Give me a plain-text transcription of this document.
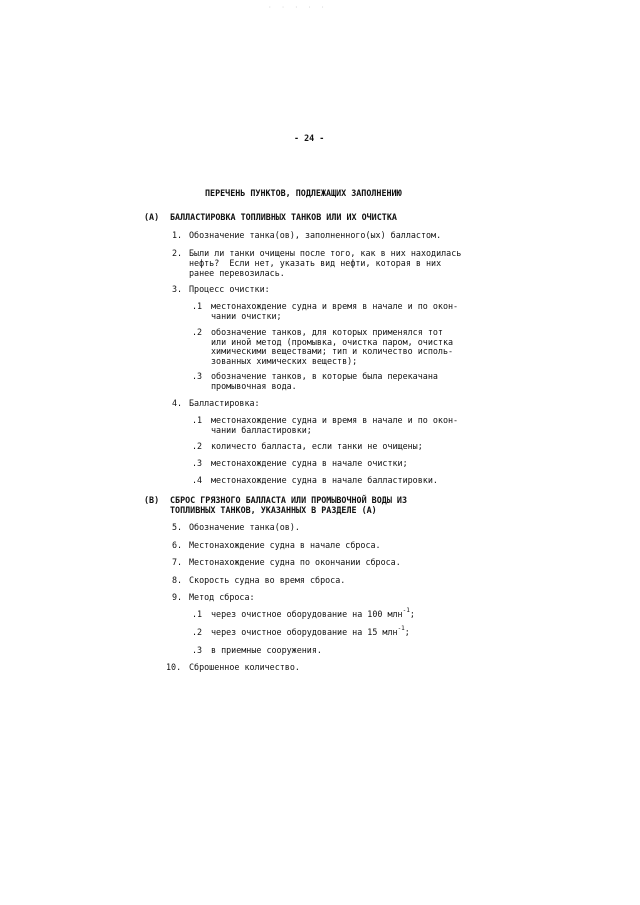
· · · · ·
- 24 -
ПЕРЕЧЕНЬ ПУНКТОВ, ПОДЛЕЖАЩИХ ЗАПОЛНЕНИЮ
(A) БАЛЛАСТИРОВКА ТОПЛИВНЫХ ТАНКОВ ИЛИ ИХ ОЧИСТКА
1. Обозначение танка(ов), заполненного(ых) балластом.
2. Были ли танки очищены после того, как в них находилась
нефть?  Если нет, указать вид нефти, которая в них
ранее перевозилась.
3. Процесс очистки:
.1 местонахождение судна и время в начале и по окон-
чании очистки;
.2 обозначение танков, для которых применялся тот
или иной метод (промывка, очистка паром, очистка
химическими веществами; тип и количество исполь-
зованных химических веществ);
.3 обозначение танков, в которые была перекачана
промывочная вода.
4. Балластировка:
.1 местонахождение судна и время в начале и по окон-
чании балластировки;
.2 количесто балласта, если танки не очищены;
.3 местонахождение судна в начале очистки;
.4 местонахождение судна в начале балластировки.
(B) СБРОС ГРЯЗНОГО БАЛЛАСТА ИЛИ ПРОМЫВОЧНОЙ ВОДЫ ИЗ
ТОПЛИВНЫХ ТАНКОВ, УКАЗАННЫХ В РАЗДЕЛЕ (А)
5. Обозначение танка(ов).
6. Местонахождение судна в начале сброса.
7. Местонахождение судна по окончании сброса.
8. Скорость судна во время сброса.
9. Метод сброса:
.1 через очистное оборудование на 100 млн$^{-1}$;
.2 через очистное оборудование на 15 млн$^{-1}$;
.3 в приемные сооружения.
10. Сброшенное количество.
